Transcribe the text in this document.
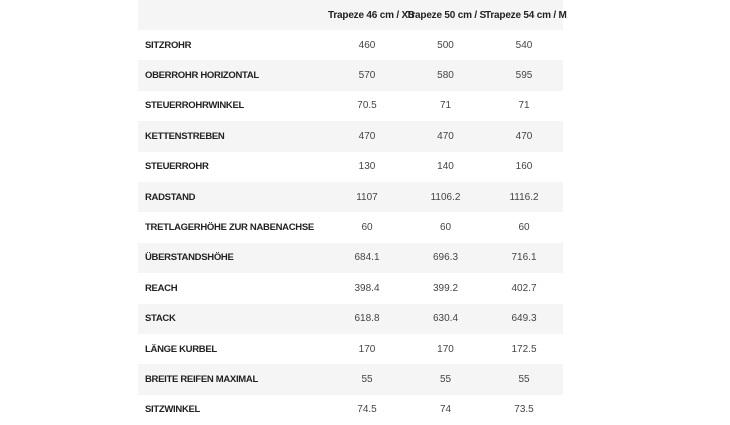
	Trapeze 46 cm / XS	Trapeze 50 cm / S	Trapeze 54 cm / M
SITZROHR	460	500	540
OBERROHR HORIZONTAL	570	580	595
STEUERROHRWINKEL	70.5	71	71
KETTENSTREBEN	470	470	470
STEUERROHR	130	140	160
RADSTAND	1107	1106.2	1116.2
TRETLAGERHÖHE ZUR NABENACHSE	60	60	60
ÜBERSTANDSHÖHE	684.1	696.3	716.1
REACH	398.4	399.2	402.7
STACK	618.8	630.4	649.3
LÄNGE KURBEL	170	170	172.5
BREITE REIFEN MAXIMAL	55	55	55
SITZWINKEL	74.5	74	73.5
